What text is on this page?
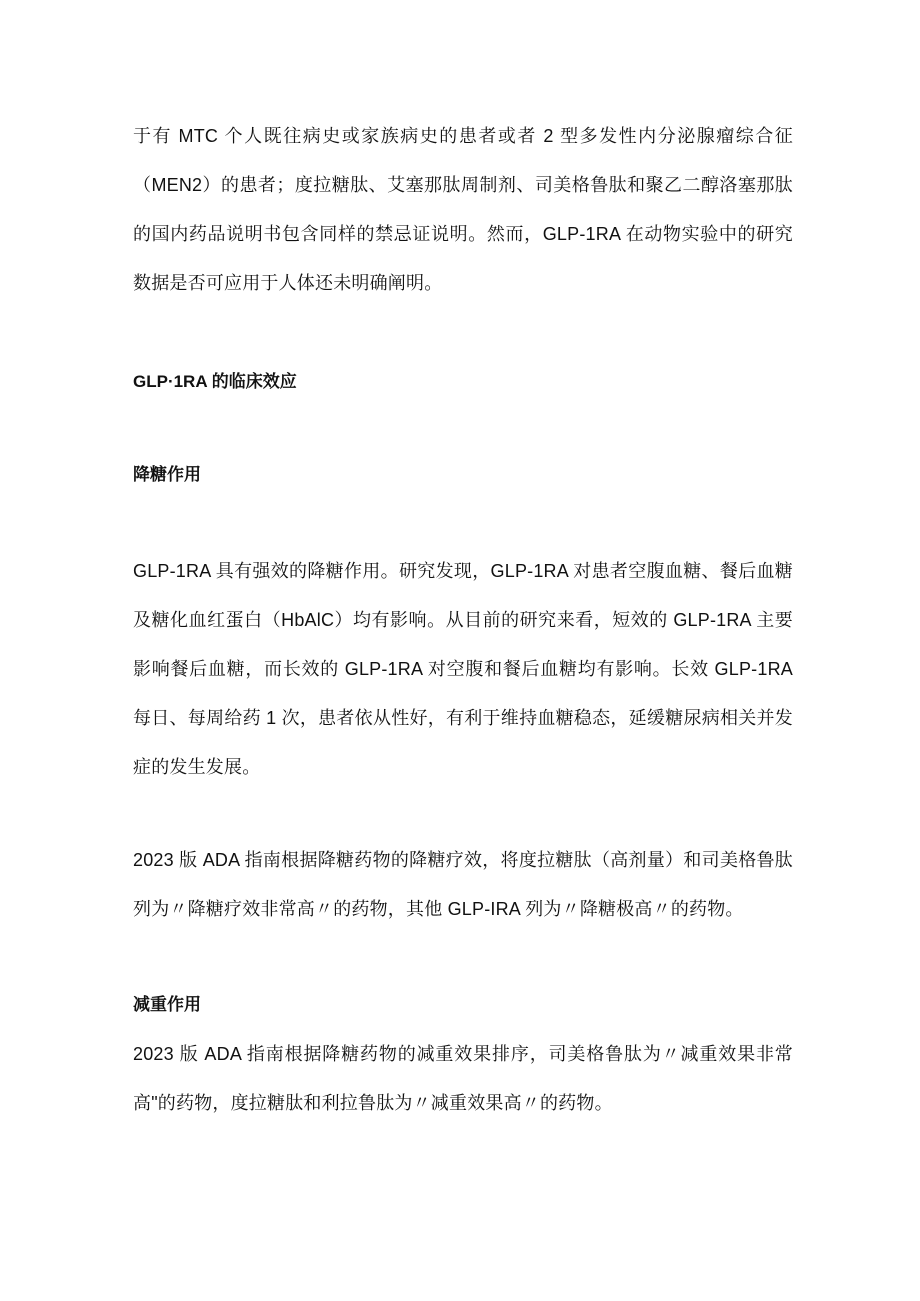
于有 MTC 个人既往病史或家族病史的患者或者 2 型多发性内分泌腺瘤综合征（MEN2）的患者；度拉糖肽、艾塞那肽周制剂、司美格鲁肽和聚乙二醇洛塞那肽的国内药品说明书包含同样的禁忌证说明。然而，GLP-1RA 在动物实验中的研究数据是否可应用于人体还未明确阐明。

GLP·1RA 的临床效应
降糖作用

GLP-1RA 具有强效的降糖作用。研究发现，GLP-1RA 对患者空腹血糖、餐后血糖及糖化血红蛋白（HbAlC）均有影响。从目前的研究来看，短效的 GLP-1RA 主要影响餐后血糖，而长效的 GLP-1RA 对空腹和餐后血糖均有影响。长效 GLP-1RA 每日、每周给药 1 次，患者依从性好，有利于维持血糖稳态，延缓糖尿病相关并发症的发生发展。

2023 版 ADA 指南根据降糖药物的降糖疗效，将度拉糖肽（高剂量）和司美格鲁肽列为〃降糖疗效非常高〃的药物，其他 GLP-IRA 列为〃降糖极高〃的药物。

减重作用

2023 版 ADA 指南根据降糖药物的减重效果排序，司美格鲁肽为〃减重效果非常高"的药物，度拉糖肽和利拉鲁肽为〃减重效果高〃的药物。
